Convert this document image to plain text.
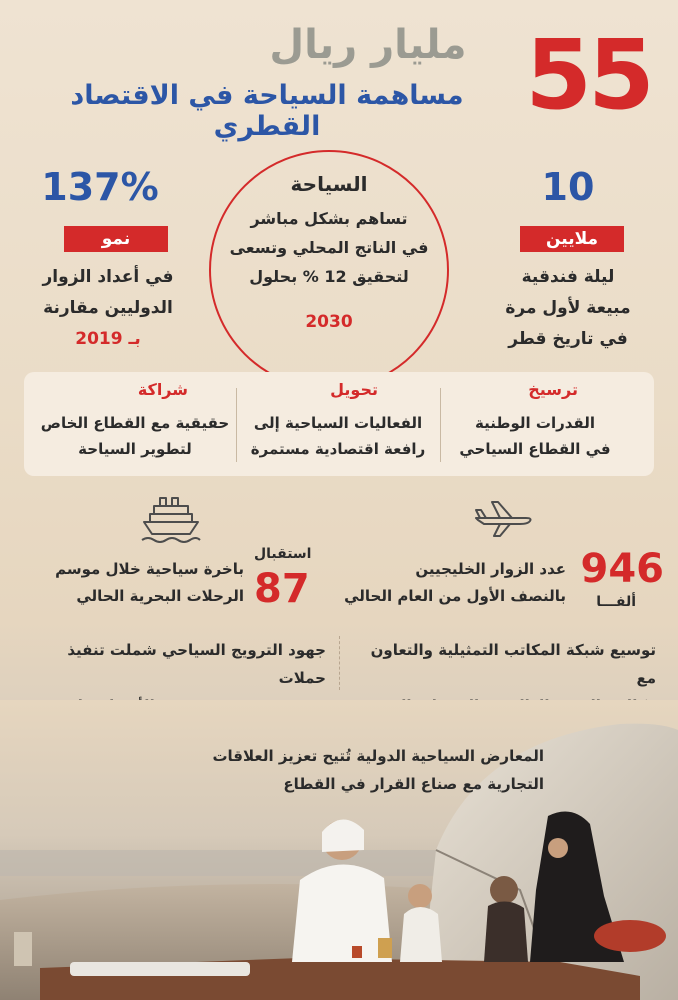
55
مليار ريال
مساهمة السياحة في الاقتصاد القطري
10
ملايين
ليلة فندقية
مبيعة لأول مرة
في تاريخ قطر
السياحة
تساهم بشكل مباشر
في الناتج المحلي وتسعى
لتحقيق 12 % بحلول
2030
137%
نمو
في أعداد الزوار
الدوليين مقارنة
بـ 2019
ترسيخ
القدرات الوطنية
في القطاع السياحي
تحويل
الفعاليات السياحية إلى
رافعة اقتصادية مستمرة
شراكة
حقيقية مع القطاع الخاص
لتطوير السياحة
946
ألفـــا
عدد الزوار الخليجيين
بالنصف الأول من العام الحالي
استقبال
87
باخرة سياحية خلال موسم
الرحلات البحرية الحالي
توسيع شبكة المكاتب التمثيلية والتعاون مع
جهود الترويج السياحي شملت تنفيذ حملات
المعارض السياحية الدولية تُتيح تعزيز العلاقات
التجارية مع صناع القرار في القطاع
